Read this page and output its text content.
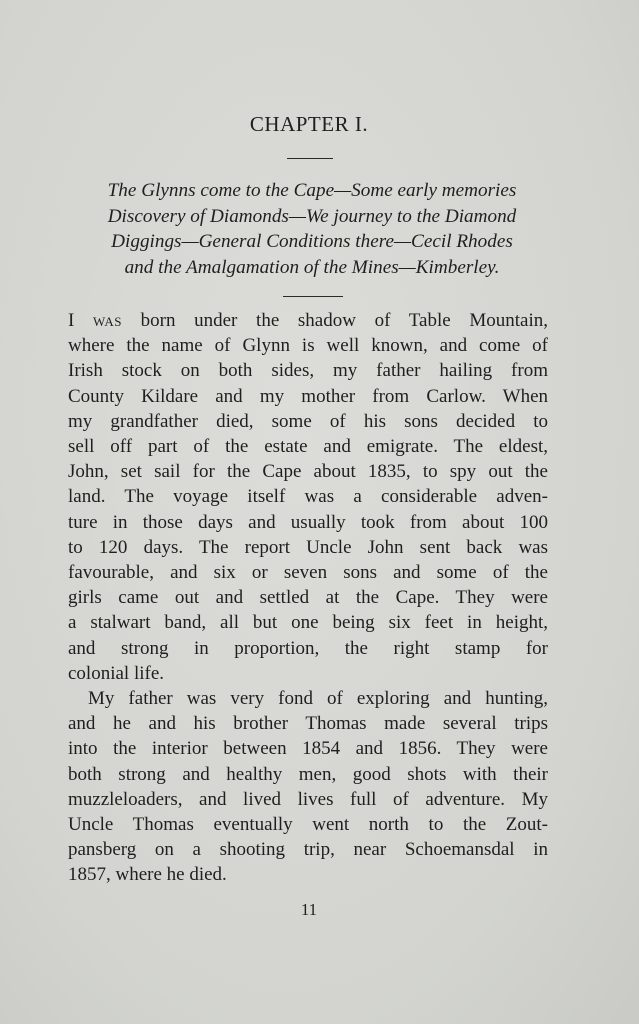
CHAPTER I.
The Glynns come to the Cape—Some early memories
Discovery of Diamonds—We journey to the Diamond
Diggings—General Conditions there—Cecil Rhodes
and the Amalgamation of the Mines—Kimberley.
I was born under the shadow of Table Mountain,
where the name of Glynn is well known, and come of
Irish stock on both sides, my father hailing from
County Kildare and my mother from Carlow. When
my grandfather died, some of his sons decided to
sell off part of the estate and emigrate. The eldest,
John, set sail for the Cape about 1835, to spy out the
land. The voyage itself was a considerable adven-
ture in those days and usually took from about 100
to 120 days. The report Uncle John sent back was
favourable, and six or seven sons and some of the
girls came out and settled at the Cape. They were
a stalwart band, all but one being six feet in height,
and strong in proportion, the right stamp for
colonial life.
My father was very fond of exploring and hunting,
and he and his brother Thomas made several trips
into the interior between 1854 and 1856. They were
both strong and healthy men, good shots with their
muzzleloaders, and lived lives full of adventure. My
Uncle Thomas eventually went north to the Zout-
pansberg on a shooting trip, near Schoemansdal in
1857, where he died.
11
